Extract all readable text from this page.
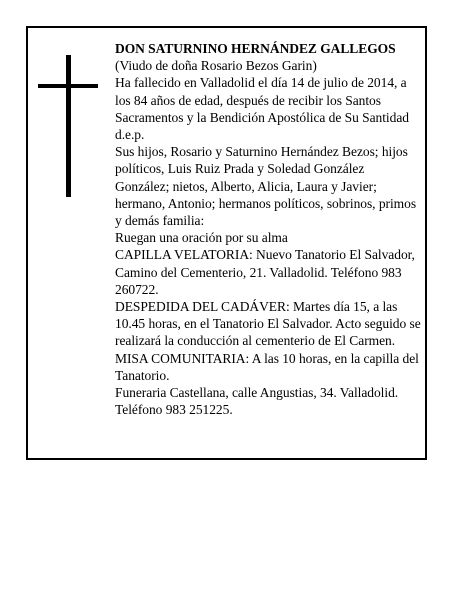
DON SATURNINO HERNÁNDEZ GALLEGOS

(Viudo de doña Rosario Bezos Garin)

Ha fallecido en Valladolid el día 14 de julio de 2014, a los 84 años de edad, después de recibir los Santos Sacramentos y la Bendición Apostólica de Su Santidad d.e.p.

Sus hijos, Rosario y Saturnino Hernández Bezos; hijos políticos, Luis Ruiz Prada y Soledad González González; nietos, Alberto, Alicia, Laura y Javier; hermano, Antonio; hermanos políticos, sobrinos, primos y demás familia:

Ruegan una oración por su alma

CAPILLA VELATORIA: Nuevo Tanatorio El Salvador, Camino del Cementerio, 21. Valladolid. Teléfono 983 260722.

DESPEDIDA DEL CADÁVER: Martes día 15, a las 10.45 horas, en el Tanatorio El Salvador. Acto seguido se realizará la conducción al cementerio de El Carmen.

MISA COMUNITARIA: A las 10 horas, en la capilla del Tanatorio.

Funeraria Castellana, calle Angustias, 34. Valladolid. Teléfono 983 251225.
